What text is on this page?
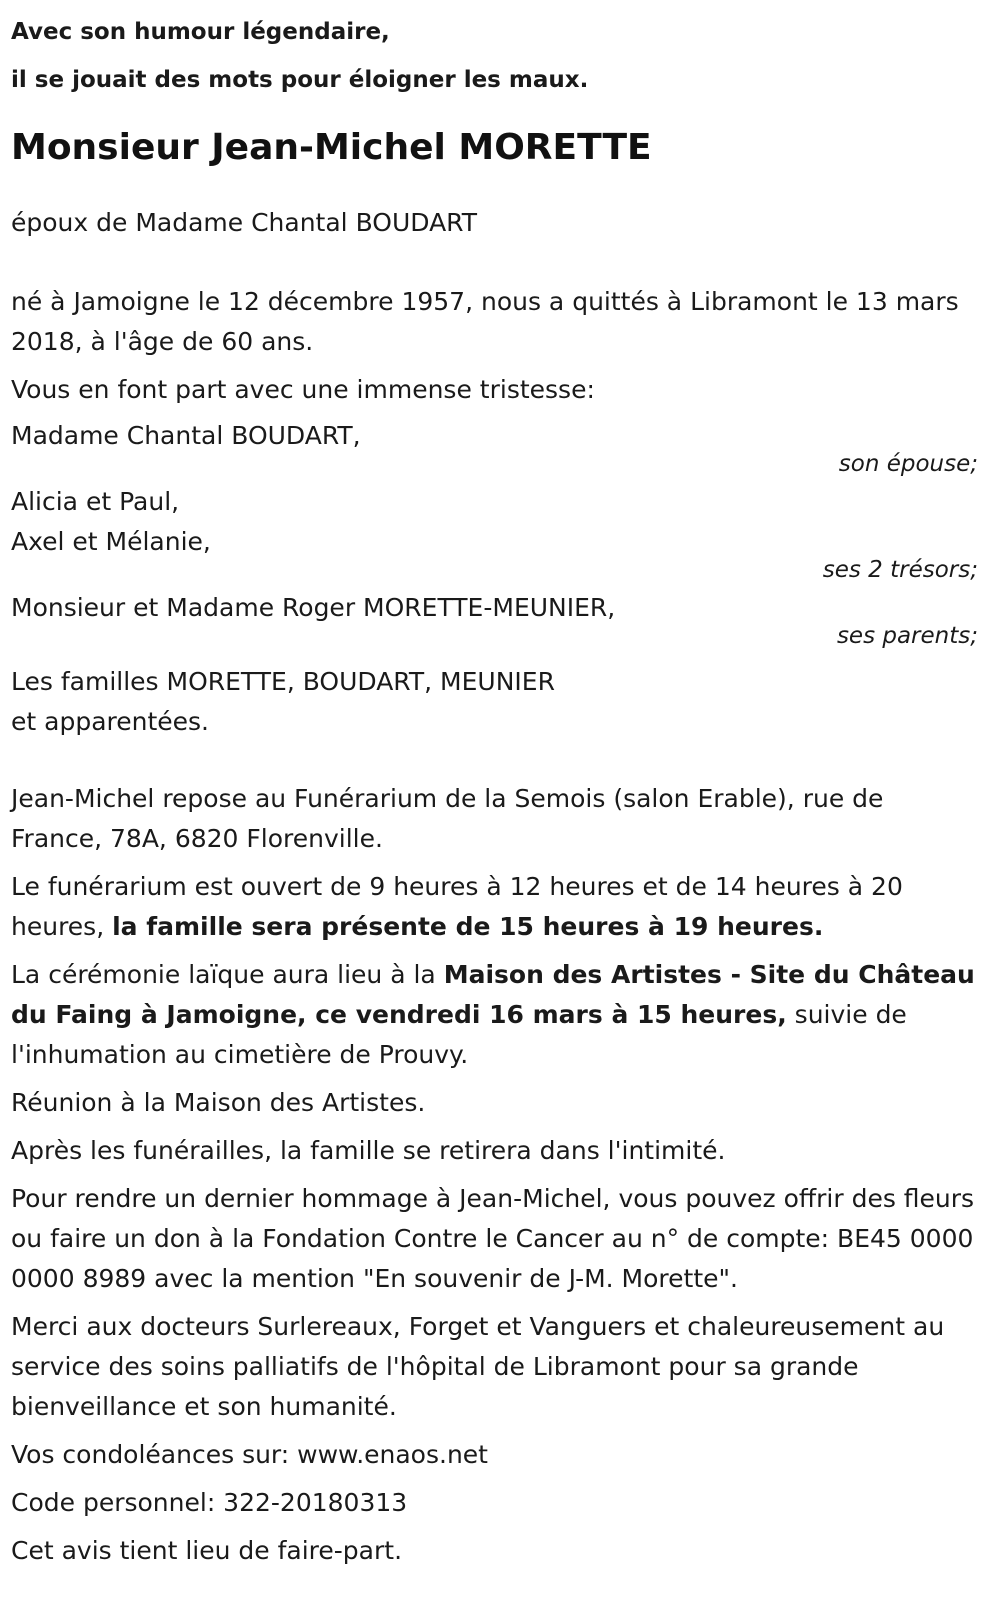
Avec son humour légendaire,
il se jouait des mots pour éloigner les maux.

Monsieur Jean-Michel MORETTE

époux de Madame Chantal BOUDART

né à Jamoigne le 12 décembre 1957, nous a quittés à Libramont le 13 mars 2018, à l'âge de 60 ans.

Vous en font part avec une immense tristesse:

Madame Chantal BOUDART,
son épouse;
Alicia et Paul,
Axel et Mélanie,
ses 2 trésors;
Monsieur et Madame Roger MORETTE-MEUNIER,
ses parents;
Les familles MORETTE, BOUDART, MEUNIER
et apparentées.

Jean-Michel repose au Funérarium de la Semois (salon Erable), rue de France, 78A, 6820 Florenville.

Le funérarium est ouvert de 9 heures à 12 heures et de 14 heures à 20 heures, la famille sera présente de 15 heures à 19 heures.

La cérémonie laïque aura lieu à la Maison des Artistes - Site du Château du Faing à Jamoigne, ce vendredi 16 mars à 15 heures, suivie de l'inhumation au cimetière de Prouvy.

Réunion à la Maison des Artistes.

Après les funérailles, la famille se retirera dans l'intimité.

Pour rendre un dernier hommage à Jean-Michel, vous pouvez offrir des fleurs ou faire un don à la Fondation Contre le Cancer au n° de compte: BE45 0000 0000 8989 avec la mention "En souvenir de J-M. Morette".

Merci aux docteurs Surlereaux, Forget et Vanguers et chaleureusement au service des soins palliatifs de l'hôpital de Libramont pour sa grande bienveillance et son humanité.

Vos condoléances sur: www.enaos.net

Code personnel: 322-20180313

Cet avis tient lieu de faire-part.
